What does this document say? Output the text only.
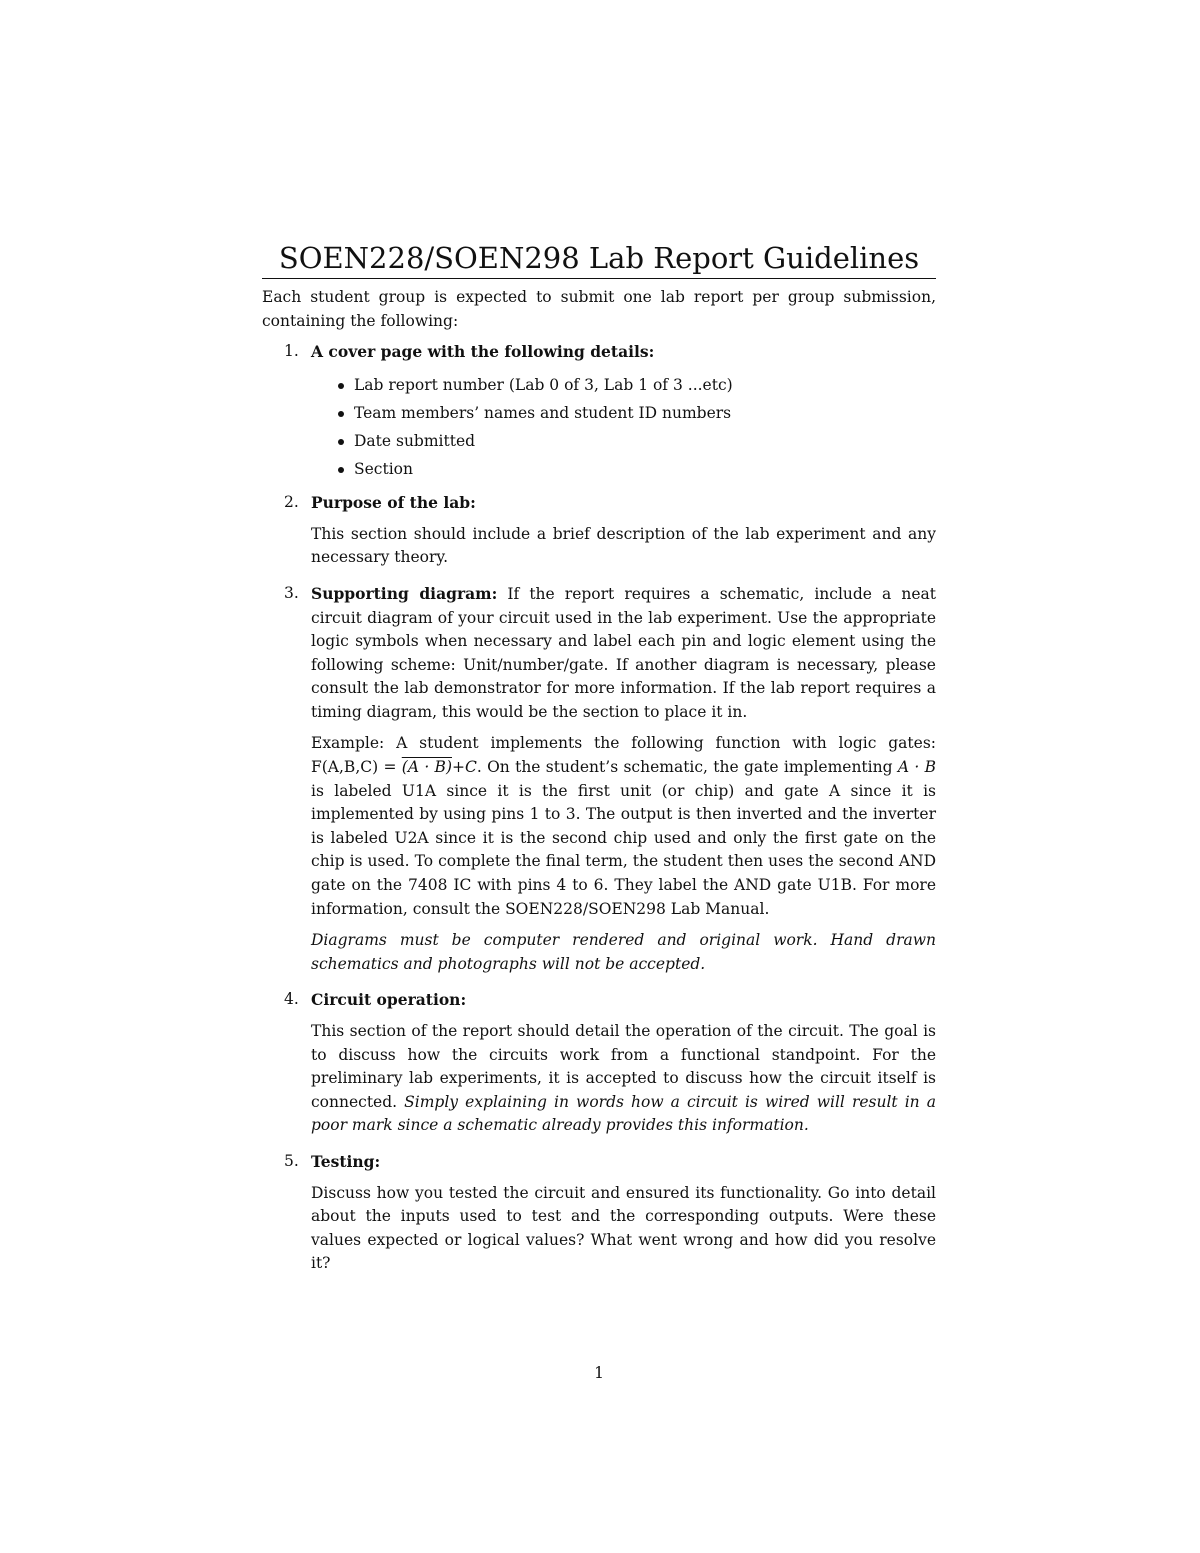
SOEN228/SOEN298 Lab Report Guidelines

Each student group is expected to submit one lab report per group submission, containing the following:

1. A cover page with the following details:

Lab report number (Lab 0 of 3, Lab 1 of 3 ...etc)
Team members’ names and student ID numbers
Date submitted
Section
2. Purpose of the lab:

This section should include a brief description of the lab experiment and any necessary theory.

3. Supporting diagram: If the report requires a schematic, include a neat circuit diagram of your circuit used in the lab experiment. Use the appropriate logic symbols when necessary and label each pin and logic element using the following scheme: Unit/number/gate. If another diagram is necessary, please consult the lab demonstrator for more information. If the lab report requires a timing diagram, this would be the section to place it in.

Example: A student implements the following function with logic gates: F(A,B,C) = (A · B)+C. On the student’s schematic, the gate implementing A · B is labeled U1A since it is the first unit (or chip) and gate A since it is implemented by using pins 1 to 3. The output is then inverted and the inverter is labeled U2A since it is the second chip used and only the first gate on the chip is used. To complete the final term, the student then uses the second AND gate on the 7408 IC with pins 4 to 6. They label the AND gate U1B. For more information, consult the SOEN228/SOEN298 Lab Manual.

Diagrams must be computer rendered and original work. Hand drawn schematics and photographs will not be accepted.

4. Circuit operation:

This section of the report should detail the operation of the circuit. The goal is to discuss how the circuits work from a functional standpoint. For the preliminary lab experiments, it is accepted to discuss how the circuit itself is connected. Simply explaining in words how a circuit is wired will result in a poor mark since a schematic already provides this information.

5. Testing:

Discuss how you tested the circuit and ensured its functionality. Go into detail about the inputs used to test and the corresponding outputs. Were these values expected or logical values? What went wrong and how did you resolve it?

1
